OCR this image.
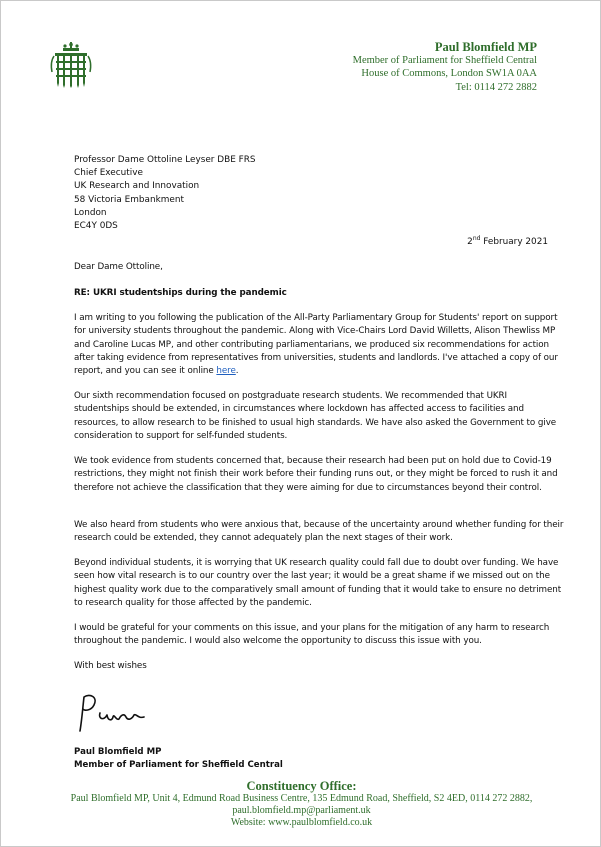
Paul Blomfield MP
Member of Parliament for Sheffield Central
House of Commons, London SW1A 0AA
Tel: 0114 272 2882
Professor Dame Ottoline Leyser DBE FRS
Chief Executive
UK Research and Innovation
58 Victoria Embankment
London
EC4Y 0DS
2nd February 2021

Dear Dame Ottoline,

RE: UKRI studentships during the pandemic

I am writing to you following the publication of the All-Party Parliamentary Group for Students' report on support for university students throughout the pandemic. Along with Vice-Chairs Lord David Willetts, Alison Thewliss MP and Caroline Lucas MP, and other contributing parliamentarians, we produced six recommendations for action after taking evidence from representatives from universities, students and landlords. I've attached a copy of our report, and you can see it online here.

Our sixth recommendation focused on postgraduate research students. We recommended that UKRI studentships should be extended, in circumstances where lockdown has affected access to facilities and resources, to allow research to be finished to usual high standards. We have also asked the Government to give consideration to support for self-funded students.

We took evidence from students concerned that, because their research had been put on hold due to Covid-19 restrictions, they might not finish their work before their funding runs out, or they might be forced to rush it and therefore not achieve the classification that they were aiming for due to circumstances beyond their control.

We also heard from students who were anxious that, because of the uncertainty around whether funding for their research could be extended, they cannot adequately plan the next stages of their work.

Beyond individual students, it is worrying that UK research quality could fall due to doubt over funding. We have seen how vital research is to our country over the last year; it would be a great shame if we missed out on the highest quality work due to the comparatively small amount of funding that it would take to ensure no detriment to research quality for those affected by the pandemic.

I would be grateful for your comments on this issue, and your plans for the mitigation of any harm to research throughout the pandemic. I would also welcome the opportunity to discuss this issue with you.

With best wishes

Paul Blomfield MP
Member of Parliament for Sheffield Central
Constituency Office:
Paul Blomfield MP, Unit 4, Edmund Road Business Centre, 135 Edmund Road, Sheffield, S2 4ED, 0114 272 2882,
paul.blomfield.mp@parliament.uk
Website: www.paulblomfield.co.uk
